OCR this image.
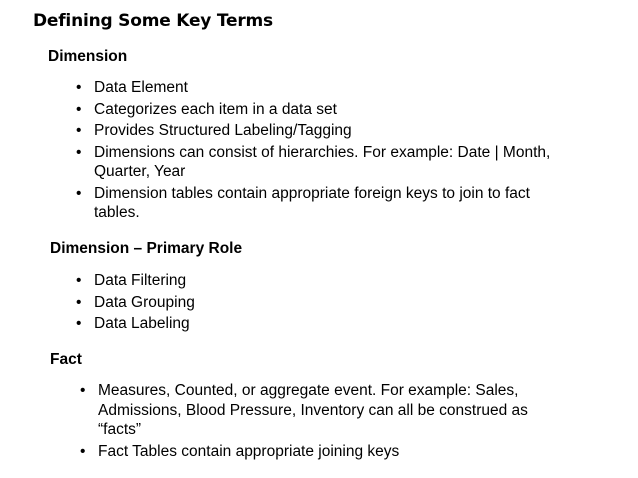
Defining Some Key Terms
Dimension
• Data Element
• Categorizes each item in a data set
• Provides Structured Labeling/Tagging
• Dimensions can consist of hierarchies. For example: Date | Month, Quarter, Year
• Dimension tables contain appropriate foreign keys to join to fact tables.
Dimension – Primary Role
• Data Filtering
• Data Grouping
• Data Labeling
Fact
• Measures, Counted, or aggregate event. For example: Sales, Admissions, Blood Pressure, Inventory can all be construed as “facts”
• Fact Tables contain appropriate joining keys
